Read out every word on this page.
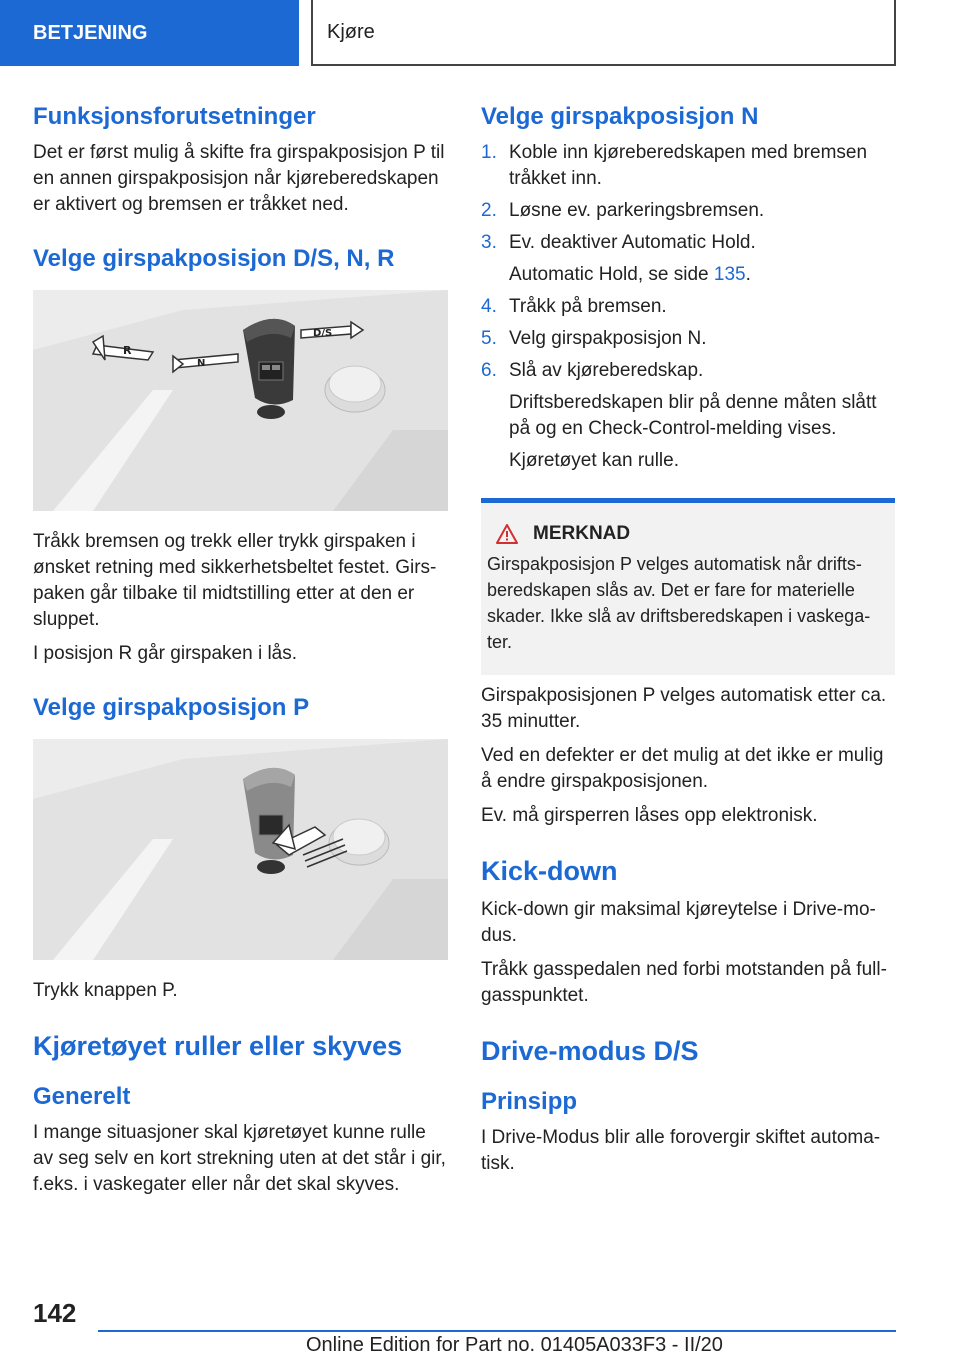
BETJENING	Kjøre
Funksjonsforutsetninger

Det er først mulig å skifte fra girspakposisjon P til en annen girspakposisjon når kjøreberedskapen er aktivert og bremsen er tråkket ned.

Velge girspakposisjon D/S, N, R
R
N
D/S

Tråkk bremsen og trekk eller trykk girspaken i ønsket retning med sikkerhetsbeltet festet. Girs-paken går tilbake til midtstilling etter at den er sluppet.

I posisjon R går girspaken i lås.

Velge girspakposisjon P

Trykk knappen P.

Kjøretøyet ruller eller skyves
Generelt

I mange situasjoner skal kjøretøyet kunne rulle av seg selv en kort strekning uten at det står i gir, f.eks. i vaskegater eller når det skal skyves.

Velge girspakposisjon N
1. Koble inn kjøreberedskapen med bremsen tråkket inn.
2. Løsne ev. parkeringsbremsen.
3. Ev. deaktiver Automatic Hold.
Automatic Hold, se side 135.
4. Tråkk på bremsen.
5. Velg girspakposisjon N.
6. Slå av kjøreberedskap.
Driftsberedskapen blir på denne måten slått på og en Check-Control-melding vises.
Kjøretøyet kan rulle.
MERKNAD

Girspakposisjon P velges automatisk når drifts-beredskapen slås av. Det er fare for materielle skader. Ikke slå av driftsberedskapen i vaskega-ter.

Girspakposisjonen P velges automatisk etter ca. 35 minutter.

Ved en defekter er det mulig at det ikke er mulig å endre girspakposisjonen.

Ev. må girsperren låses opp elektronisk.

Kick-down

Kick-down gir maksimal kjøreytelse i Drive-mo-dus.

Tråkk gasspedalen ned forbi motstanden på full-gasspunktet.

Drive-modus D/S
Prinsipp

I Drive-Modus blir alle forovergir skiftet automa-tisk.

142
Online Edition for Part no. 01405A033F3 - II/20
